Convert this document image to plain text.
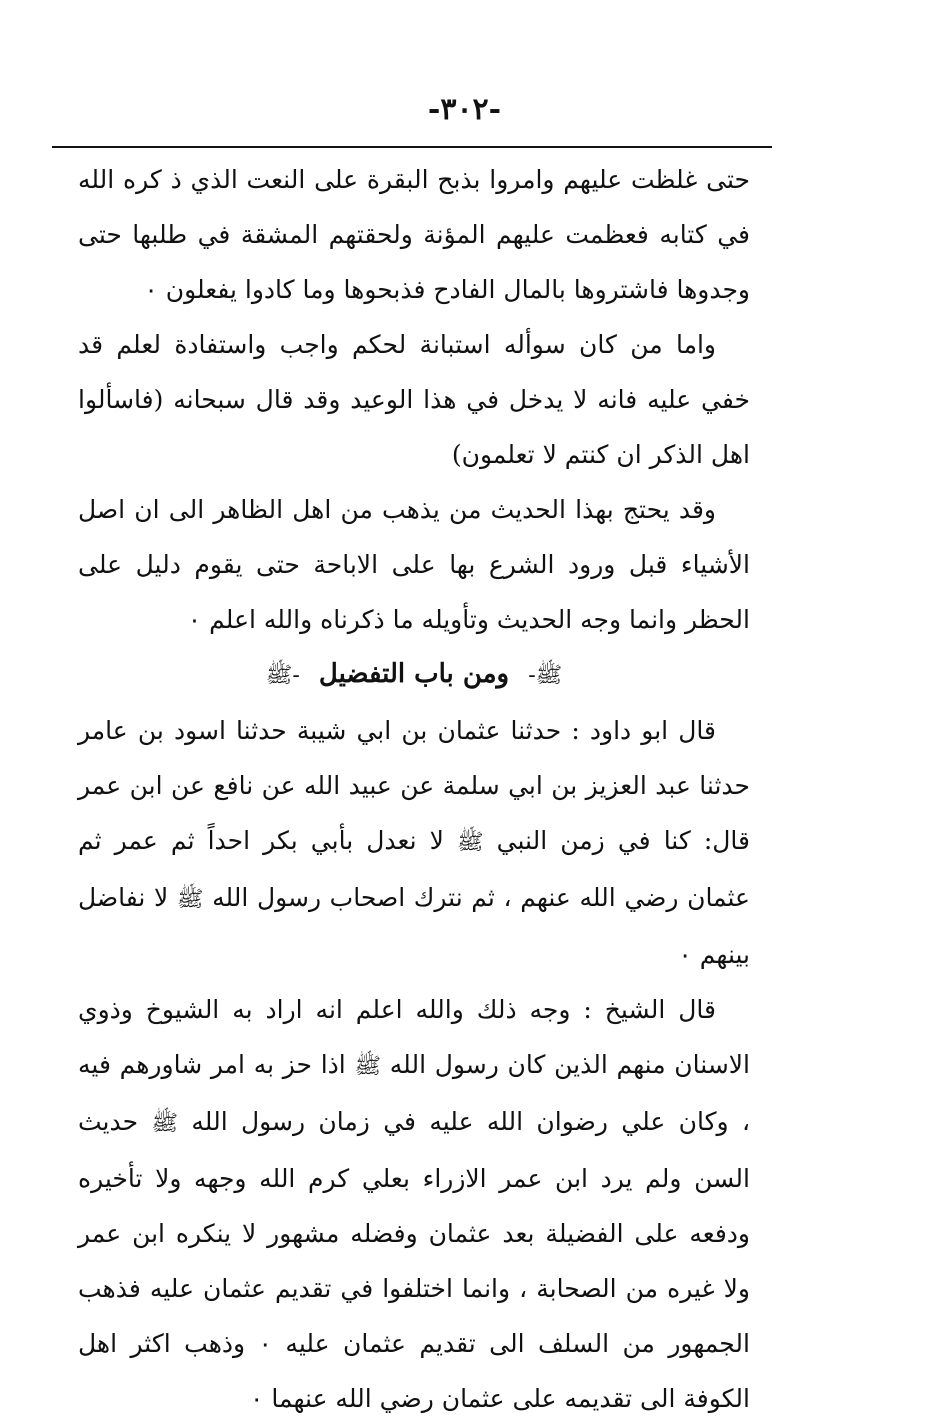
-٣٠٢-

حتى غلظت عليهم وامروا بذبح البقرة على النعت الذي ذ كره الله في كتابه فعظمت عليهم المؤنة ولحقتهم المشقة في طلبها حتى وجدوها فاشتروها بالمال الفادح فذبحوها وما كادوا يفعلون ٠

واما من كان سوأله استبانة لحكم واجب واستفادة لعلم قد خفي عليه فانه لا يدخل في هذا الوعيد وقد قال سبحانه (فاسألوا اهل الذكر ان كنتم لا تعلمون)

وقد يحتج بهذا الحديث من يذهب من اهل الظاهر الى ان اصل الأشياء قبل ورود الشرع بها على الاباحة حتى يقوم دليل على الحظر وانما وجه الحديث وتأويله ما ذكرناه والله اعلم ٠

ﷺ- ومن باب التفضيل -ﷺ

قال ابو داود : حدثنا عثمان بن ابي شيبة حدثنا اسود بن عامر حدثنا عبد العزيز بن ابي سلمة عن عبيد الله عن نافع عن ابن عمر قال: كنا في زمن النبي ﷺ لا نعدل بأبي بكر احداً ثم عمر ثم عثمان رضي الله عنهم ، ثم نترك اصحاب رسول الله ﷺ لا نفاضل بينهم ٠

قال الشيخ : وجه ذلك والله اعلم انه اراد به الشيوخ وذوي الاسنان منهم الذين كان رسول الله ﷺ اذا حز به امر شاورهم فيه ، وكان علي رضوان الله عليه في زمان رسول الله ﷺ حديث السن ولم يرد ابن عمر الازراء بعلي كرم الله وجهه ولا تأخيره ودفعه على الفضيلة بعد عثمان وفضله مشهور لا ينكره ابن عمر ولا غيره من الصحابة ، وانما اختلفوا في تقديم عثمان عليه فذهب الجمهور من السلف الى تقديم عثمان عليه ٠ وذهب اكثر اهل الكوفة الى تقديمه على عثمان رضي الله عنهما ٠
